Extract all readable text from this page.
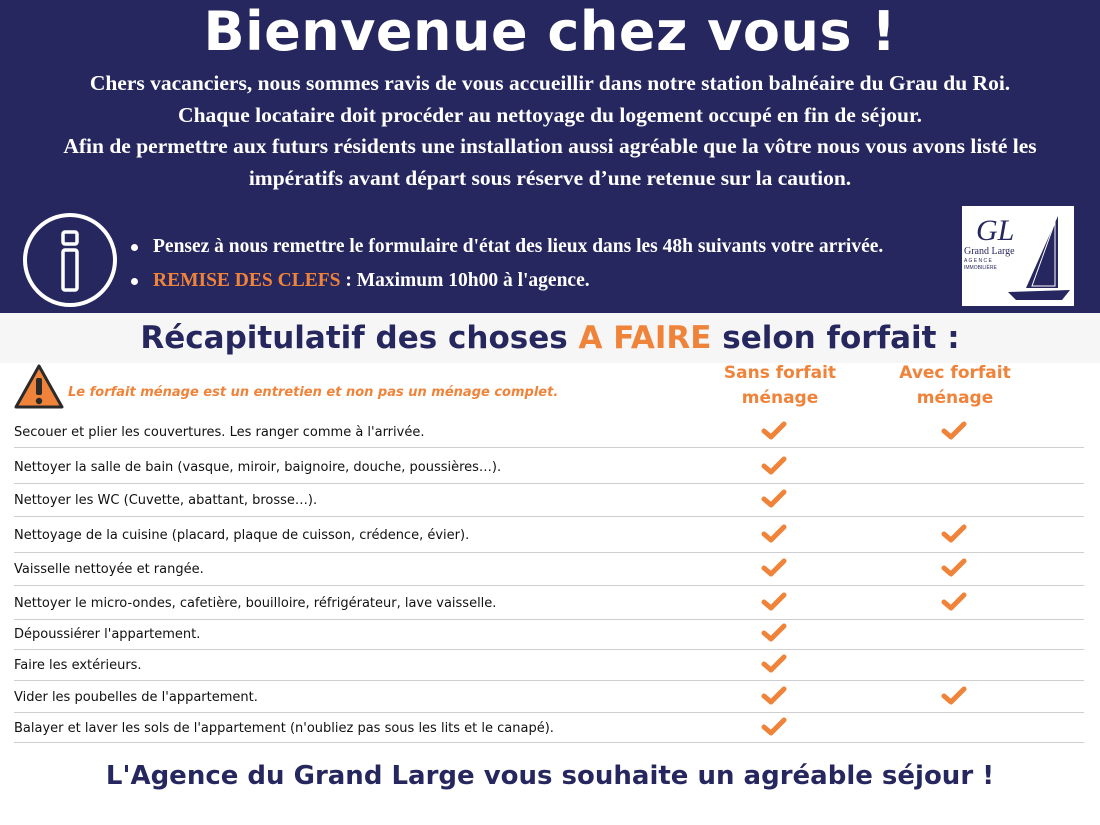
Bienvenue chez vous !
Chers vacanciers, nous sommes ravis de vous accueillir dans notre station balnéaire du Grau du Roi.
Chaque locataire doit procéder au nettoyage du logement occupé en fin de séjour.
Afin de permettre aux futurs résidents une installation aussi agréable que la vôtre nous vous avons listé les
impératifs avant départ sous réserve d’une retenue sur la caution.
Pensez à nous remettre le formulaire d'état des lieux dans les 48h suivants votre arrivée.
REMISE DES CLEFS : Maximum 10h00 à l'agence.
GL
Grand Large
A G E N C E
IMMOBILIÈRE
Récapitulatif des choses A FAIRE selon forfait :
Le forfait ménage est un entretien et non pas un ménage complet.
Sans forfait
ménage
Avec forfait
ménage
Secouer et plier les couvertures. Les ranger comme à l'arrivée.
Nettoyer la salle de bain (vasque, miroir, baignoire, douche, poussières…).
Nettoyer les WC (Cuvette, abattant, brosse…).
Nettoyage de la cuisine (placard, plaque de cuisson, crédence, évier).
Vaisselle nettoyée et rangée.
Nettoyer le micro-ondes, cafetière, bouilloire, réfrigérateur, lave vaisselle.
Dépoussiérer l'appartement.
Faire les extérieurs.
Vider les poubelles de l'appartement.
Balayer et laver les sols de l'appartement (n'oubliez pas sous les lits et le canapé).
L'Agence du Grand Large vous souhaite un agréable séjour !
